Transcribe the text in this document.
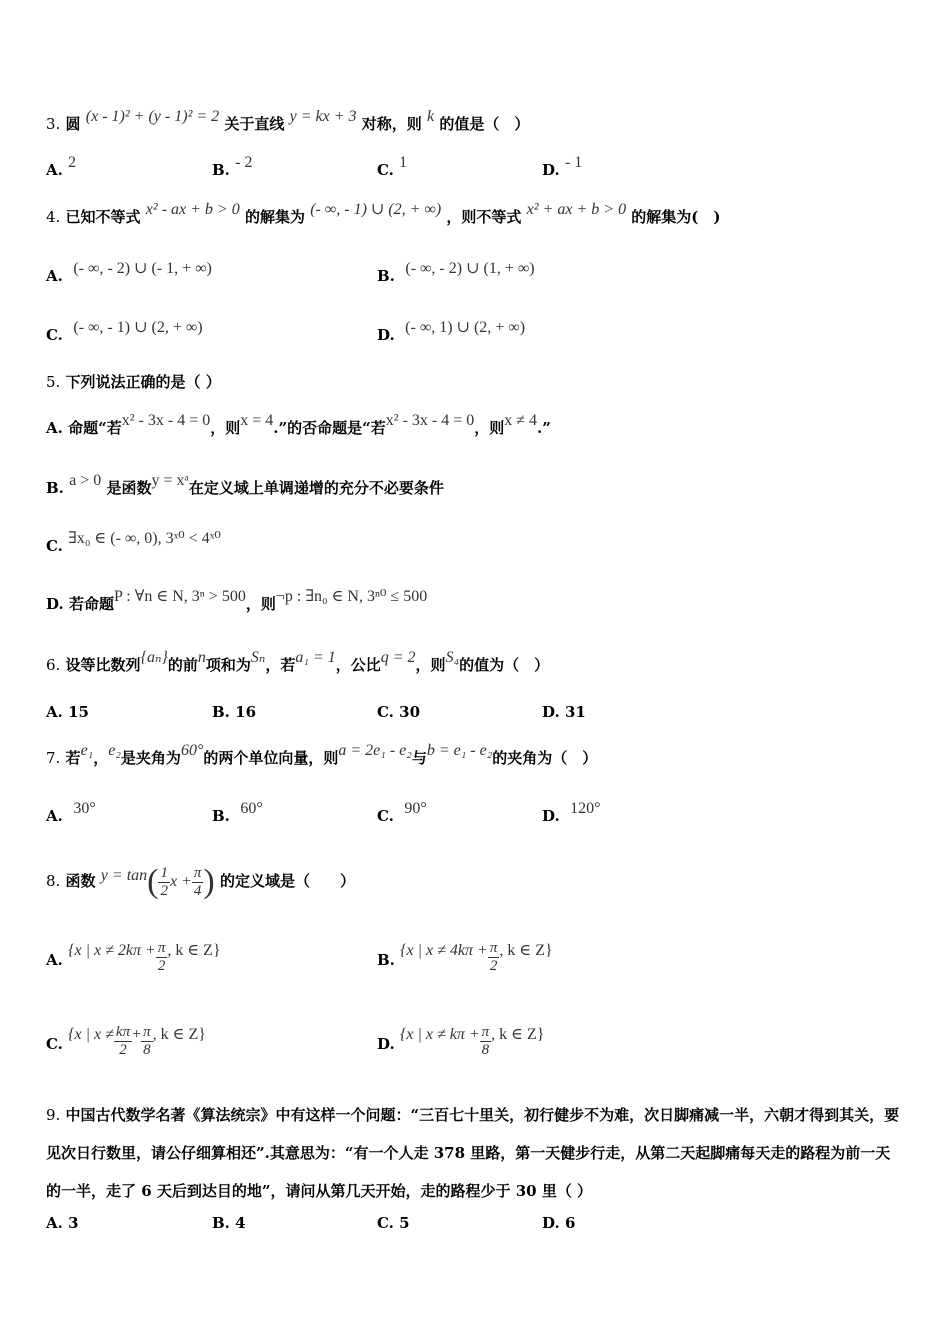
3. 圆 (x - 1)² + (y - 1)² = 2 关于直线 y = kx + 3 对称，则 k 的值是（　）
A. 2	B. - 2	C. 1	D. - 1
4. 已知不等式 x² - ax + b > 0 的解集为 (- ∞, - 1) ∪ (2, + ∞) ，则不等式 x² + ax + b > 0 的解集为(　)
A. (- ∞, - 2) ∪ (- 1, + ∞)	B. (- ∞, - 2) ∪ (1, + ∞)
C. (- ∞, - 1) ∪ (2, + ∞)	D. (- ∞, 1) ∪ (2, + ∞)
5. 下列说法正确的是（ ）
A. 命题“若x² - 3x - 4 = 0，则x = 4.”的否命题是“若x² - 3x - 4 = 0，则x ≠ 4.”
B. a > 0 是函数y = xᵃ在定义域上单调递增的充分不必要条件
C. ∃x₀ ∈ (- ∞, 0), 3ˣ⁰ < 4ˣ⁰
D. 若命题P : ∀n ∈ N, 3ⁿ > 500，则¬p : ∃n₀ ∈ N, 3ⁿ⁰ ≤ 500
6. 设等比数列{aₙ}的前n项和为Sₙ，若a₁ = 1，公比q = 2，则S₄的值为（　）
A. 15	B. 16	C. 30	D. 31
7. 若e₁，e₂是夹角为60°的两个单位向量，则a = 2e₁ - e₂与b = e₁ - e₂的夹角为（　）
A. 30°	B. 60°	C. 90°	D. 120°
8. 函数 $y = \tan( \frac{1}{2}$ $x + \frac{\pi}{4}$ ) 的定义域是（　　）
A. {x | $x \ne 2k\pi + \frac{\pi}{2}$ , k ∈ Z}
B. {x | $x \ne 4k\pi + \frac{\pi}{2}$ , k ∈ Z}
C. {x | $x \ne \frac{k\pi}{2} + \frac{\pi}{8}$ , k ∈ Z}
D. {x | $x \ne k\pi + \frac{\pi}{8}$ , k ∈ Z}
9. 中国古代数学名著《算法统宗》中有这样一个问题：“三百七十里关，初行健步不为难，次日脚痛减一半，六朝才得到其关，要见次日行数里，请公仔细算相还”.其意思为：“有一个人走 378 里路，第一天健步行走，从第二天起脚痛每天走的路程为前一天的一半，走了 6 天后到达目的地”，请问从第几天开始，走的路程少于 30 里（ ）
A. 3	B. 4	C. 5	D. 6
